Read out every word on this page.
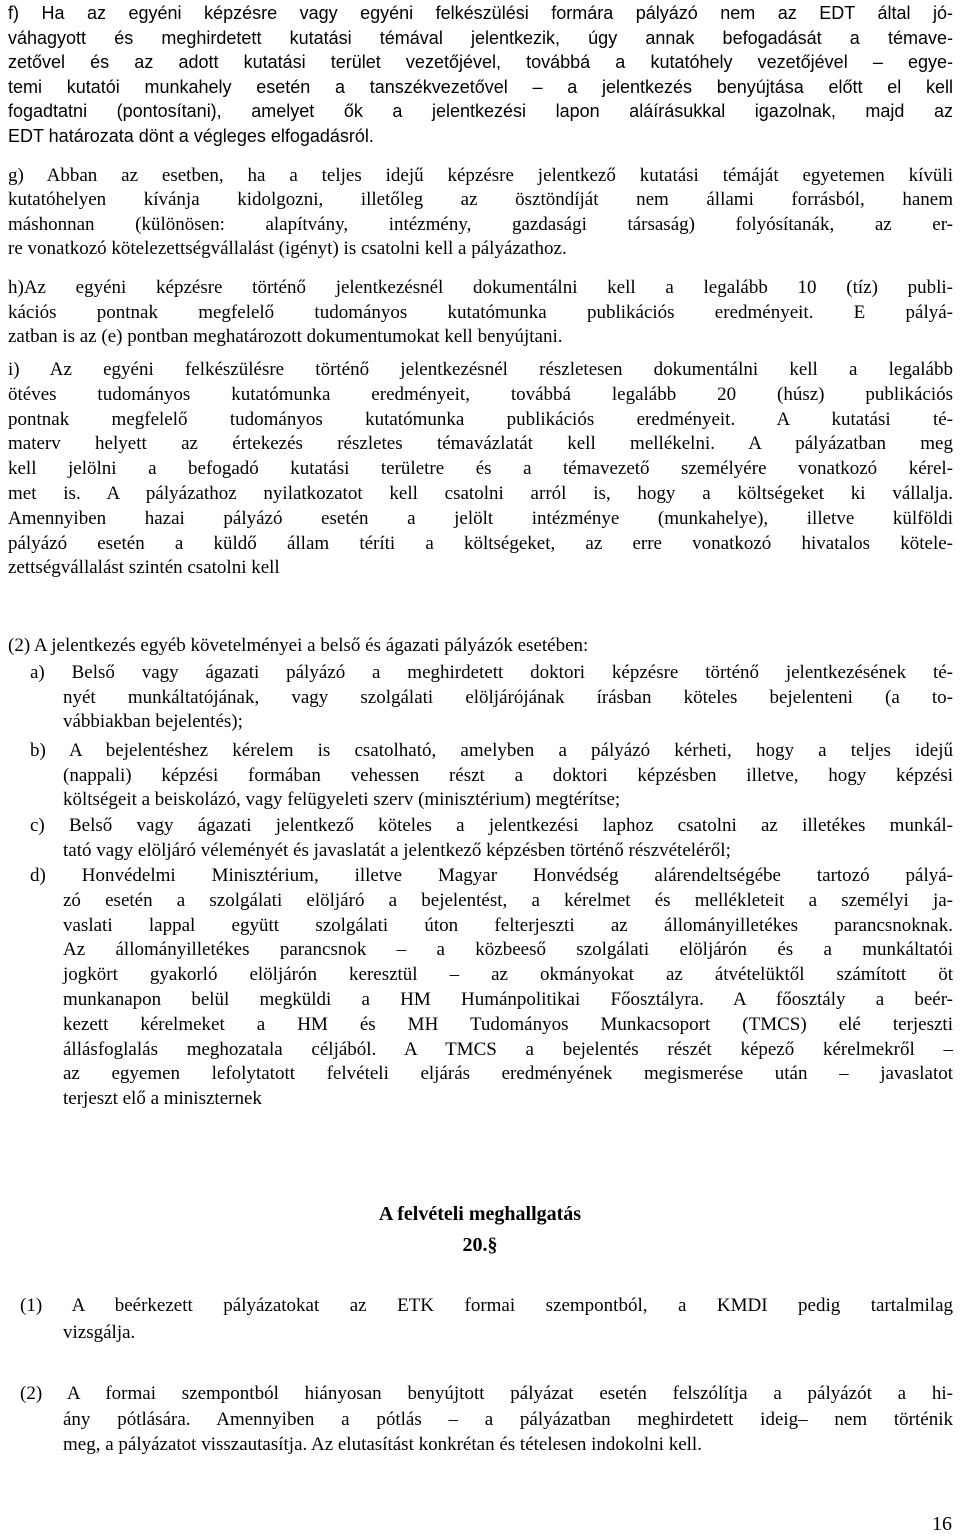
f) Ha az egyéni képzésre vagy egyéni felkészülési formára pályázó nem az EDT által jó-
váhagyott és meghirdetett kutatási témával jelentkezik, úgy annak befogadását a témave-
zetővel és az adott kutatási terület vezetőjével, továbbá a kutatóhely vezetőjével – egye-
temi kutatói munkahely esetén a tanszékvezetővel – a jelentkezés benyújtása előtt el kell
fogadtatni (pontosítani), amelyet ők a jelentkezési lapon aláírásukkal igazolnak, majd az
EDT határozata dönt a végleges elfogadásról.
g) Abban az esetben, ha a teljes idejű képzésre jelentkező kutatási témáját egyetemen kívüli
kutatóhelyen kívánja kidolgozni, illetőleg az ösztöndíját nem állami forrásból, hanem
máshonnan (különösen: alapítvány, intézmény, gazdasági társaság) folyósítanák, az er-
re vonatkozó kötelezettségvállalást (igényt) is csatolni kell a pályázathoz.
h)Az egyéni képzésre történő jelentkezésnél dokumentálni kell a legalább 10 (tíz) publi-
kációs pontnak megfelelő tudományos kutatómunka publikációs eredményeit. E pályá-
zatban is az (e) pontban meghatározott dokumentumokat kell benyújtani.
i) Az egyéni felkészülésre történő jelentkezésnél részletesen dokumentálni kell a legalább
ötéves tudományos kutatómunka eredményeit, továbbá legalább 20 (húsz) publikációs
pontnak megfelelő tudományos kutatómunka publikációs eredményeit. A kutatási té-
materv helyett az értekezés részletes témavázlatát kell mellékelni. A pályázatban meg
kell jelölni a befogadó kutatási területre és a témavezető személyére vonatkozó kérel-
met is. A pályázathoz nyilatkozatot kell csatolni arról is, hogy a költségeket ki vállalja.
Amennyiben hazai pályázó esetén a jelölt intézménye (munkahelye), illetve külföldi
pályázó esetén a küldő állam téríti a költségeket, az erre vonatkozó hivatalos kötele-
zettségvállalást szintén csatolni kell
(2) A jelentkezés egyéb követelményei a belső és ágazati pályázók esetében:
a) Belső vagy ágazati pályázó a meghirdetett doktori képzésre történő jelentkezésének té-
nyét munkáltatójának, vagy szolgálati elöljárójának írásban köteles bejelenteni (a to-
vábbiakban bejelentés);
b) A bejelentéshez kérelem is csatolható, amelyben a pályázó kérheti, hogy a teljes idejű
(nappali) képzési formában vehessen részt a doktori képzésben illetve, hogy képzési
költségeit a beiskolázó, vagy felügyeleti szerv (minisztérium) megtérítse;
c) Belső vagy ágazati jelentkező köteles a jelentkezési laphoz csatolni az illetékes munkál-
tató vagy elöljáró véleményét és javaslatát a jelentkező képzésben történő részvételéről;
d) Honvédelmi Minisztérium, illetve Magyar Honvédség alárendeltségébe tartozó pályá-
zó esetén a szolgálati elöljáró a bejelentést, a kérelmet és mellékleteit a személyi ja-
vaslati lappal együtt szolgálati úton felterjeszti az állományilletékes parancsnoknak.
Az állományilletékes parancsnok – a közbeeső szolgálati elöljárón és a munkáltatói
jogkört gyakorló elöljárón keresztül – az okmányokat az átvételüktől számított öt
munkanapon belül megküldi a HM Humánpolitikai Főosztályra. A főosztály a beér-
kezett kérelmeket a HM és MH Tudományos Munkacsoport (TMCS) elé terjeszti
állásfoglalás meghozatala céljából. A TMCS a bejelentés részét képező kérelmekről –
az egyemen lefolytatott felvételi eljárás eredményének megismerése után – javaslatot
terjeszt elő a miniszternek
A felvételi meghallgatás
20.§
(1) A beérkezett pályázatokat az ETK formai szempontból, a KMDI pedig tartalmilag
vizsgálja.
(2) A formai szempontból hiányosan benyújtott pályázat esetén felszólítja a pályázót a hi-
ány pótlására. Amennyiben a pótlás – a pályázatban meghirdetett ideig– nem történik
meg, a pályázatot visszautasítja. Az elutasítást konkrétan és tételesen indokolni kell.
16
